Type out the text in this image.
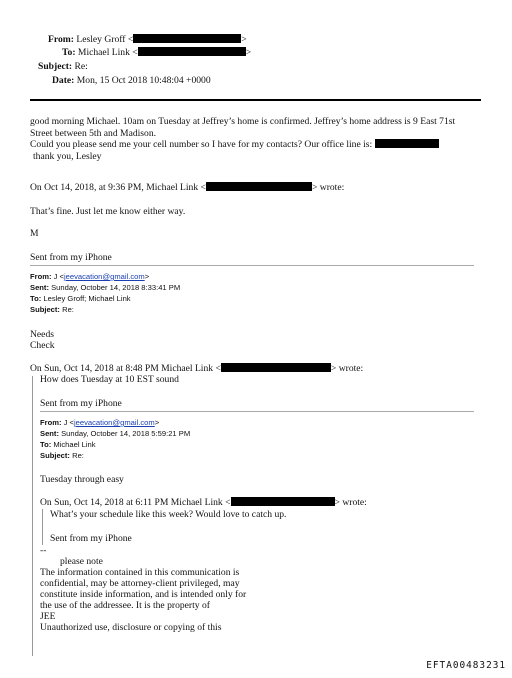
From: Lesley Groff <	>
To: Michael Link <	>
Subject: Re:
Date: Mon, 15 Oct 2018 10:48:04 +0000
good morning Michael. 10am on Tuesday at Jeffrey’s home is confirmed. Jeffrey’s home address is 9 East 71st
Street between 5th and Madison.
Could you please send me your cell number so I have for my contacts? Our office line is:
thank you, Lesley
On Oct 14, 2018, at 9:36 PM, Michael Link <	> wrote:
That’s fine. Just let me know either way.
M
Sent from my iPhone
From: J <jeevacation@gmail.com>
Sent: Sunday, October 14, 2018 8:33:41 PM
To: Lesley Groff; Michael Link
Subject: Re:
Needs
Check
On Sun, Oct 14, 2018 at 8:48 PM Michael Link <	> wrote:
How does Tuesday at 10 EST sound
Sent from my iPhone
From: J <jeevacation@gmail.com>
Sent: Sunday, October 14, 2018 5:59:21 PM
To: Michael Link
Subject: Re:
Tuesday through easy
On Sun, Oct 14, 2018 at 6:11 PM Michael Link <	> wrote:
What’s your schedule like this week? Would love to catch up.
Sent from my iPhone
--
please note
The information contained in this communication is
confidential, may be attorney-client privileged, may
constitute inside information, and is intended only for
the use of the addressee. It is the property of
JEE
Unauthorized use, disclosure or copying of this
EFTA00483231
